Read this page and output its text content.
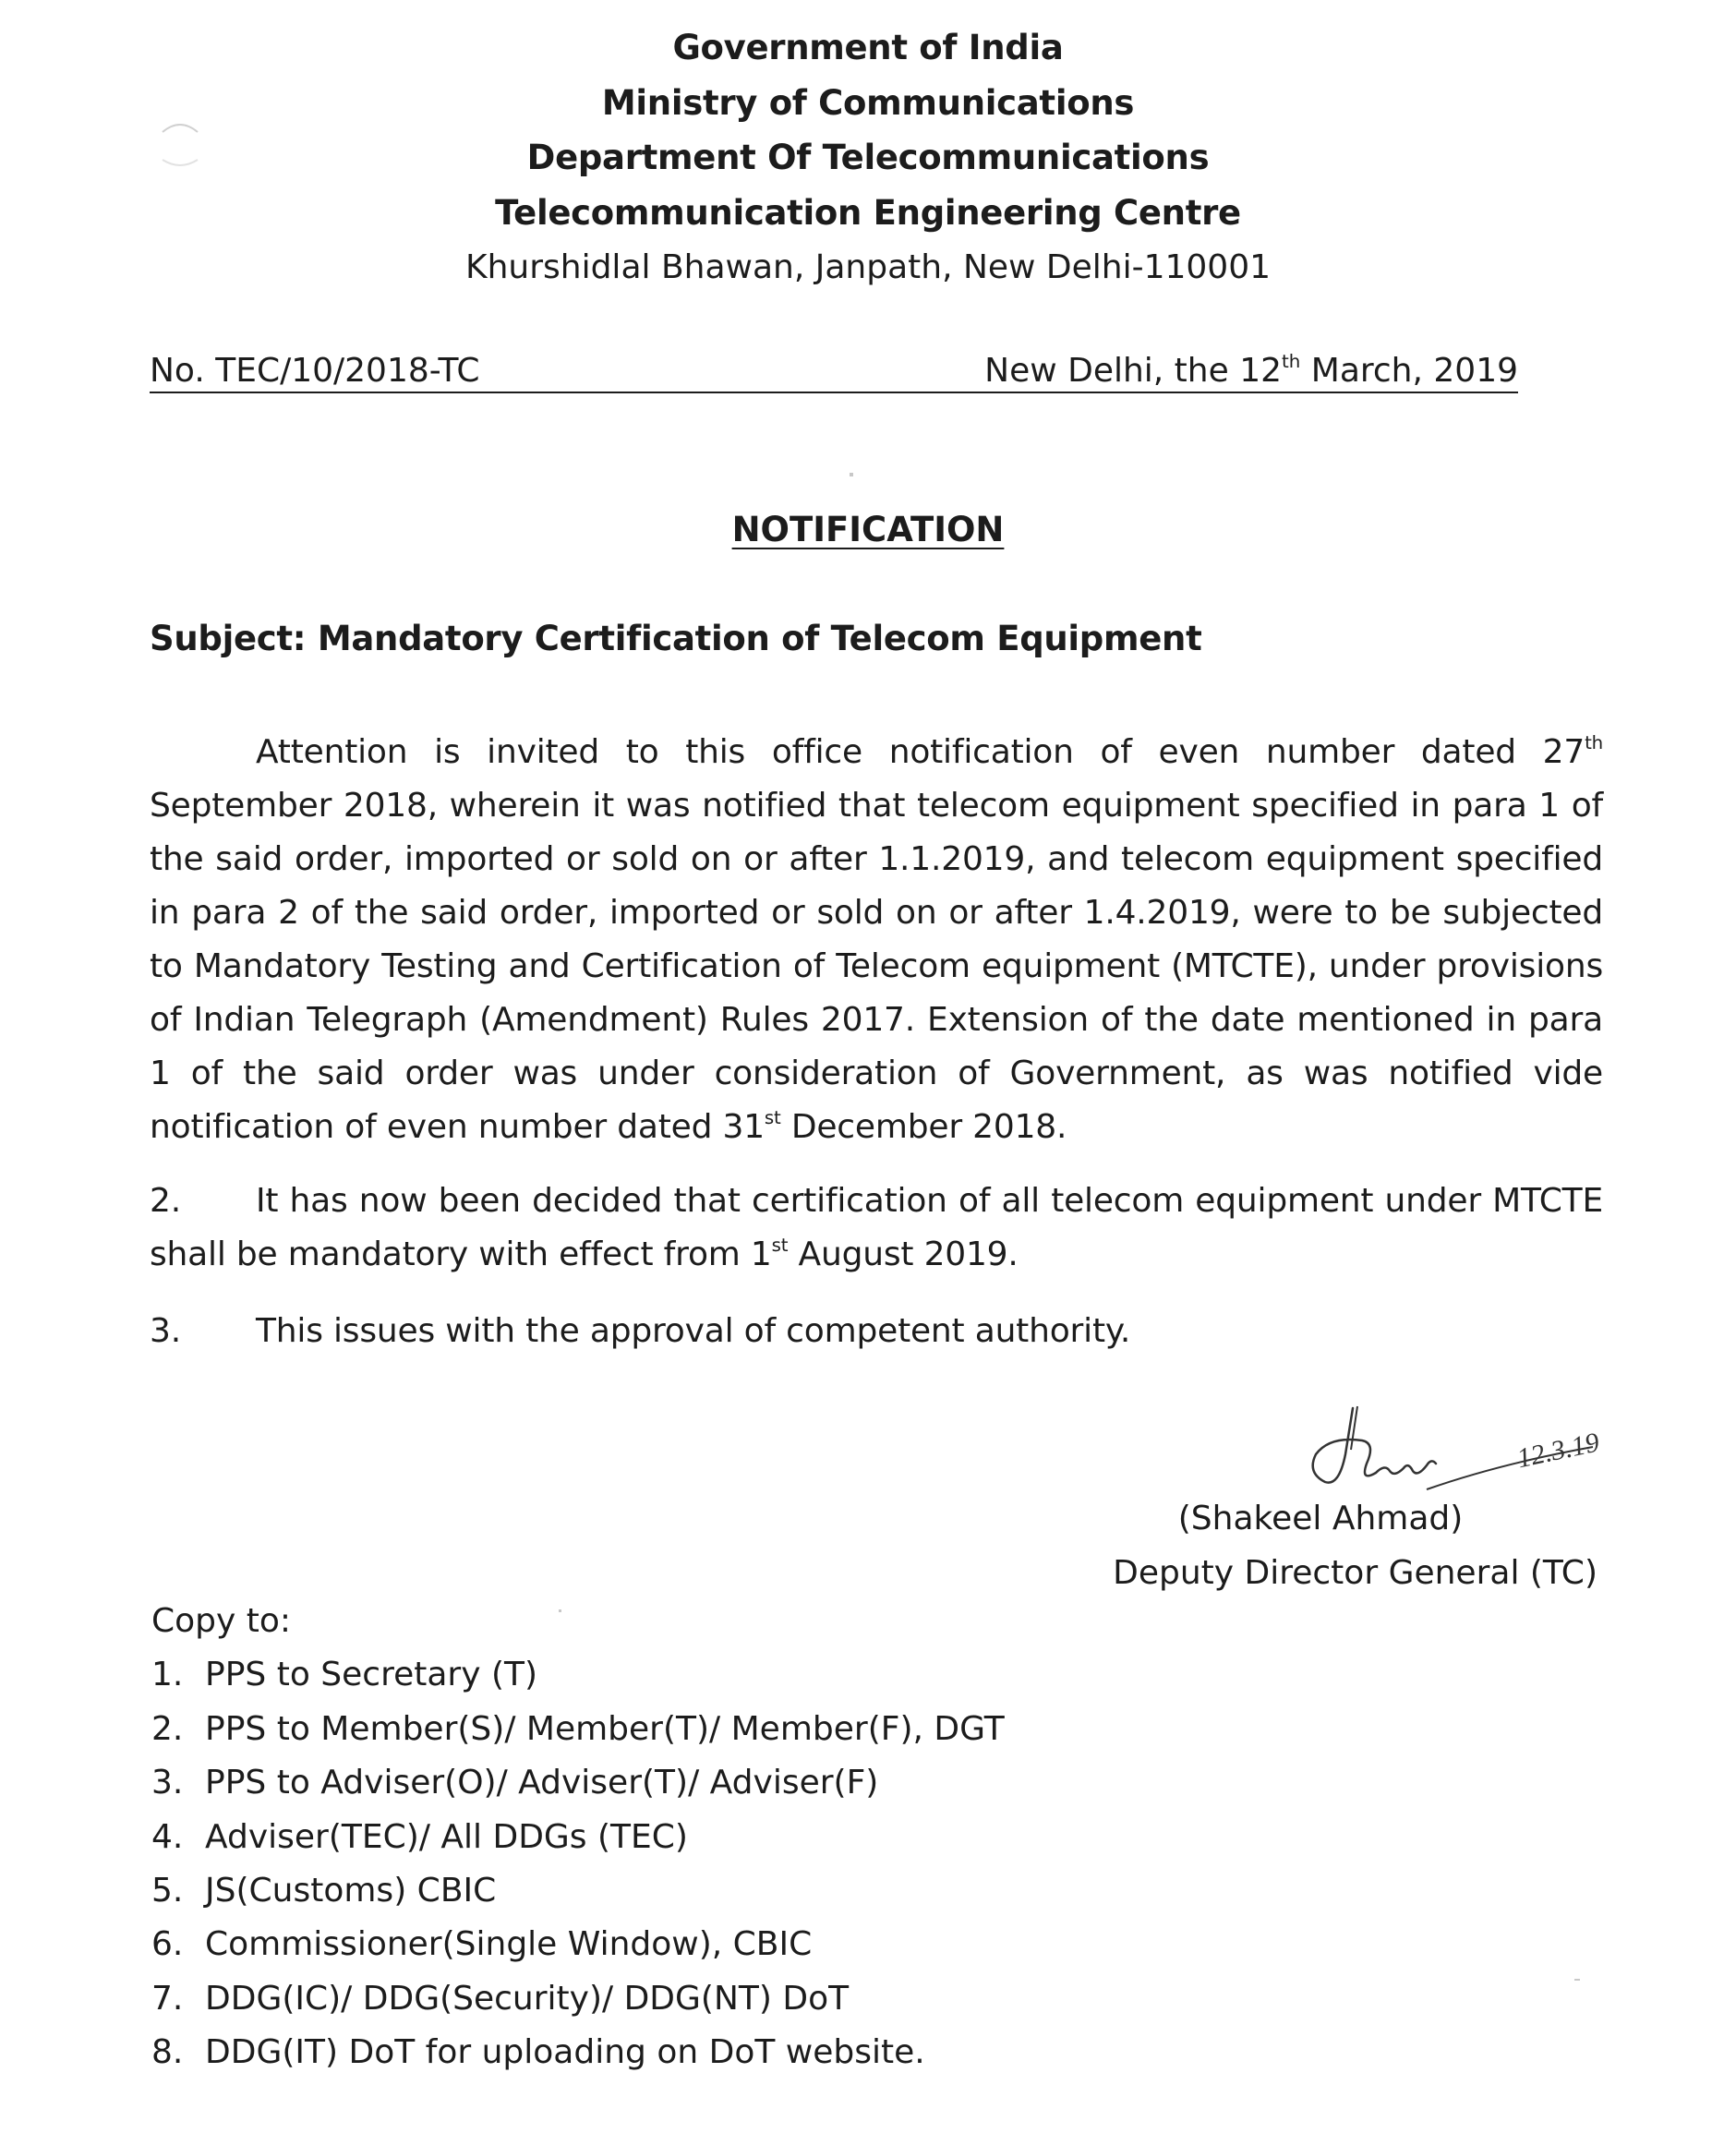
Government of India
Ministry of Communications
Department Of Telecommunications
Telecommunication Engineering Centre
Khurshidlal Bhawan, Janpath, New Delhi-110001
No. TEC/10/2018-TC	New Delhi, the 12th March, 2019
NOTIFICATION
Subject: Mandatory Certification of Telecom Equipment
Attention is invited to this office notification of even number dated 27th September 2018, wherein it was notified that telecom equipment specified in para 1 of the said order, imported or sold on or after 1.1.2019, and telecom equipment specified in para 2 of the said order, imported or sold on or after 1.4.2019, were to be subjected to Mandatory Testing and Certification of Telecom equipment (MTCTE), under provisions of Indian Telegraph (Amendment) Rules 2017. Extension of the date mentioned in para 1 of the said order was under consideration of Government, as was notified vide notification of even number dated 31st December 2018.
2. It has now been decided that certification of all telecom equipment under MTCTE shall be mandatory with effect from 1st August 2019.
3. This issues with the approval of competent authority.
12.3.19
(Shakeel Ahmad)
Deputy Director General (TC)
Copy to:
1. PPS to Secretary (T)
2. PPS to Member(S)/ Member(T)/ Member(F), DGT
3. PPS to Adviser(O)/ Adviser(T)/ Adviser(F)
4. Adviser(TEC)/ All DDGs (TEC)
5. JS(Customs) CBIC
6. Commissioner(Single Window), CBIC
7. DDG(IC)/ DDG(Security)/ DDG(NT) DoT
8. DDG(IT) DoT for uploading on DoT website.
